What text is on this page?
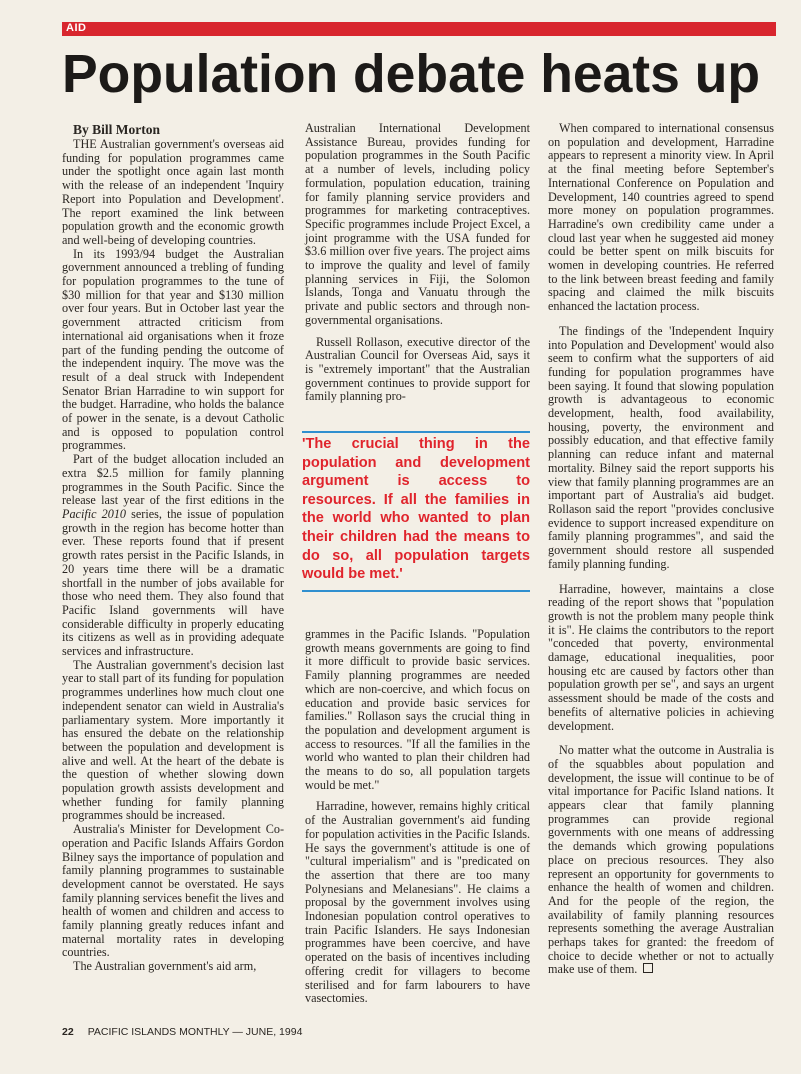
AID
Population debate heats up

By Bill Morton

THE Australian government's overseas aid funding for population programmes came under the spotlight once again last month with the release of an independent 'Inquiry Report into Population and Development'. The report examined the link between population growth and the economic growth and well-being of developing countries.

In its 1993/94 budget the Australian government announced a trebling of funding for population programmes to the tune of $30 million for that year and $130 million over four years. But in October last year the government attracted criticism from international aid organisations when it froze part of the funding pending the outcome of the independent inquiry. The move was the result of a deal struck with Independent Senator Brian Harradine to win support for the budget. Harradine, who holds the balance of power in the senate, is a devout Catholic and is opposed to population control programmes.

Part of the budget allocation included an extra $2.5 million for family planning programmes in the South Pacific. Since the release last year of the first editions in the Pacific 2010 series, the issue of population growth in the region has become hotter than ever. These reports found that if present growth rates persist in the Pacific Islands, in 20 years time there will be a dramatic shortfall in the number of jobs available for those who need them. They also found that Pacific Island governments will have considerable difficulty in properly educating its citizens as well as in providing adequate services and infrastructure.

The Australian government's decision last year to stall part of its funding for population programmes underlines how much clout one independent senator can wield in Australia's parliamentary system. More importantly it has ensured the debate on the relationship between the population and development is alive and well. At the heart of the debate is the question of whether slowing down population growth assists development and whether funding for family planning programmes should be increased.

Australia's Minister for Development Co-operation and Pacific Islands Affairs Gordon Bilney says the importance of population and family planning programmes to sustainable development cannot be overstated. He says family planning services benefit the lives and health of women and children and access to family planning greatly reduces infant and maternal mortality rates in developing countries.

The Australian government's aid arm,

Australian International Development Assistance Bureau, provides funding for population programmes in the South Pacific at a number of levels, including policy formulation, population education, training for family planning service providers and programmes for marketing contraceptives. Specific programmes include Project Excel, a joint programme with the USA funded for $3.6 million over five years. The project aims to improve the quality and level of family planning services in Fiji, the Solomon Islands, Tonga and Vanuatu through the private and public sectors and through non-governmental organisations.

Russell Rollason, executive director of the Australian Council for Overseas Aid, says it is "extremely important" that the Australian government continues to provide support for family planning pro-

'The crucial thing in the population and development argument is access to resources. If all the families in the world who wanted to plan their children had the means to do so, all population targets would be met.'

grammes in the Pacific Islands. "Population growth means governments are going to find it more difficult to provide basic services. Family planning programmes are needed which are non-coercive, and which focus on education and provide basic services for families." Rollason says the crucial thing in the population and development argument is access to resources. "If all the families in the world who wanted to plan their children had the means to do so, all population targets would be met."

Harradine, however, remains highly critical of the Australian government's aid funding for population activities in the Pacific Islands. He says the government's attitude is one of "cultural imperialism" and is "predicated on the assertion that there are too many Polynesians and Melanesians". He claims a proposal by the government involves using Indonesian population control operatives to train Pacific Islanders. He says Indonesian programmes have been coercive, and have operated on the basis of incentives including offering credit for villagers to become sterilised and for farm labourers to have vasectomies.

When compared to international consensus on population and development, Harradine appears to represent a minority view. In April at the final meeting before September's International Conference on Population and Development, 140 countries agreed to spend more money on population programmes. Harradine's own credibility came under a cloud last year when he suggested aid money could be better spent on milk biscuits for women in developing countries. He referred to the link between breast feeding and family spacing and claimed the milk biscuits enhanced the lactation process.

The findings of the 'Independent Inquiry into Population and Development' would also seem to confirm what the supporters of aid funding for population programmes have been saying. It found that slowing population growth is advantageous to economic development, health, food availability, housing, poverty, the environment and possibly education, and that effective family planning can reduce infant and maternal mortality. Bilney said the report supports his view that family planning programmes are an important part of Australia's aid budget. Rollason said the report "provides conclusive evidence to support increased expenditure on family planning programmes", and said the government should restore all suspended family planning funding.

Harradine, however, maintains a close reading of the report shows that "population growth is not the problem many people think it is". He claims the contributors to the report "conceded that poverty, environmental damage, educational inequalities, poor housing etc are caused by factors other than population growth per se", and says an urgent assessment should be made of the costs and benefits of alternative policies in achieving development.

No matter what the outcome in Australia is of the squabbles about population and development, the issue will continue to be of vital importance for Pacific Island nations. It appears clear that family planning programmes can provide regional governments with one means of addressing the demands which growing populations place on precious resources. They also represent an opportunity for governments to enhance the health of women and children. And for the people of the region, the availability of family planning resources represents something the average Australian perhaps takes for granted: the freedom of choice to decide whether or not to actually make use of them.

22 PACIFIC ISLANDS MONTHLY — JUNE, 1994
